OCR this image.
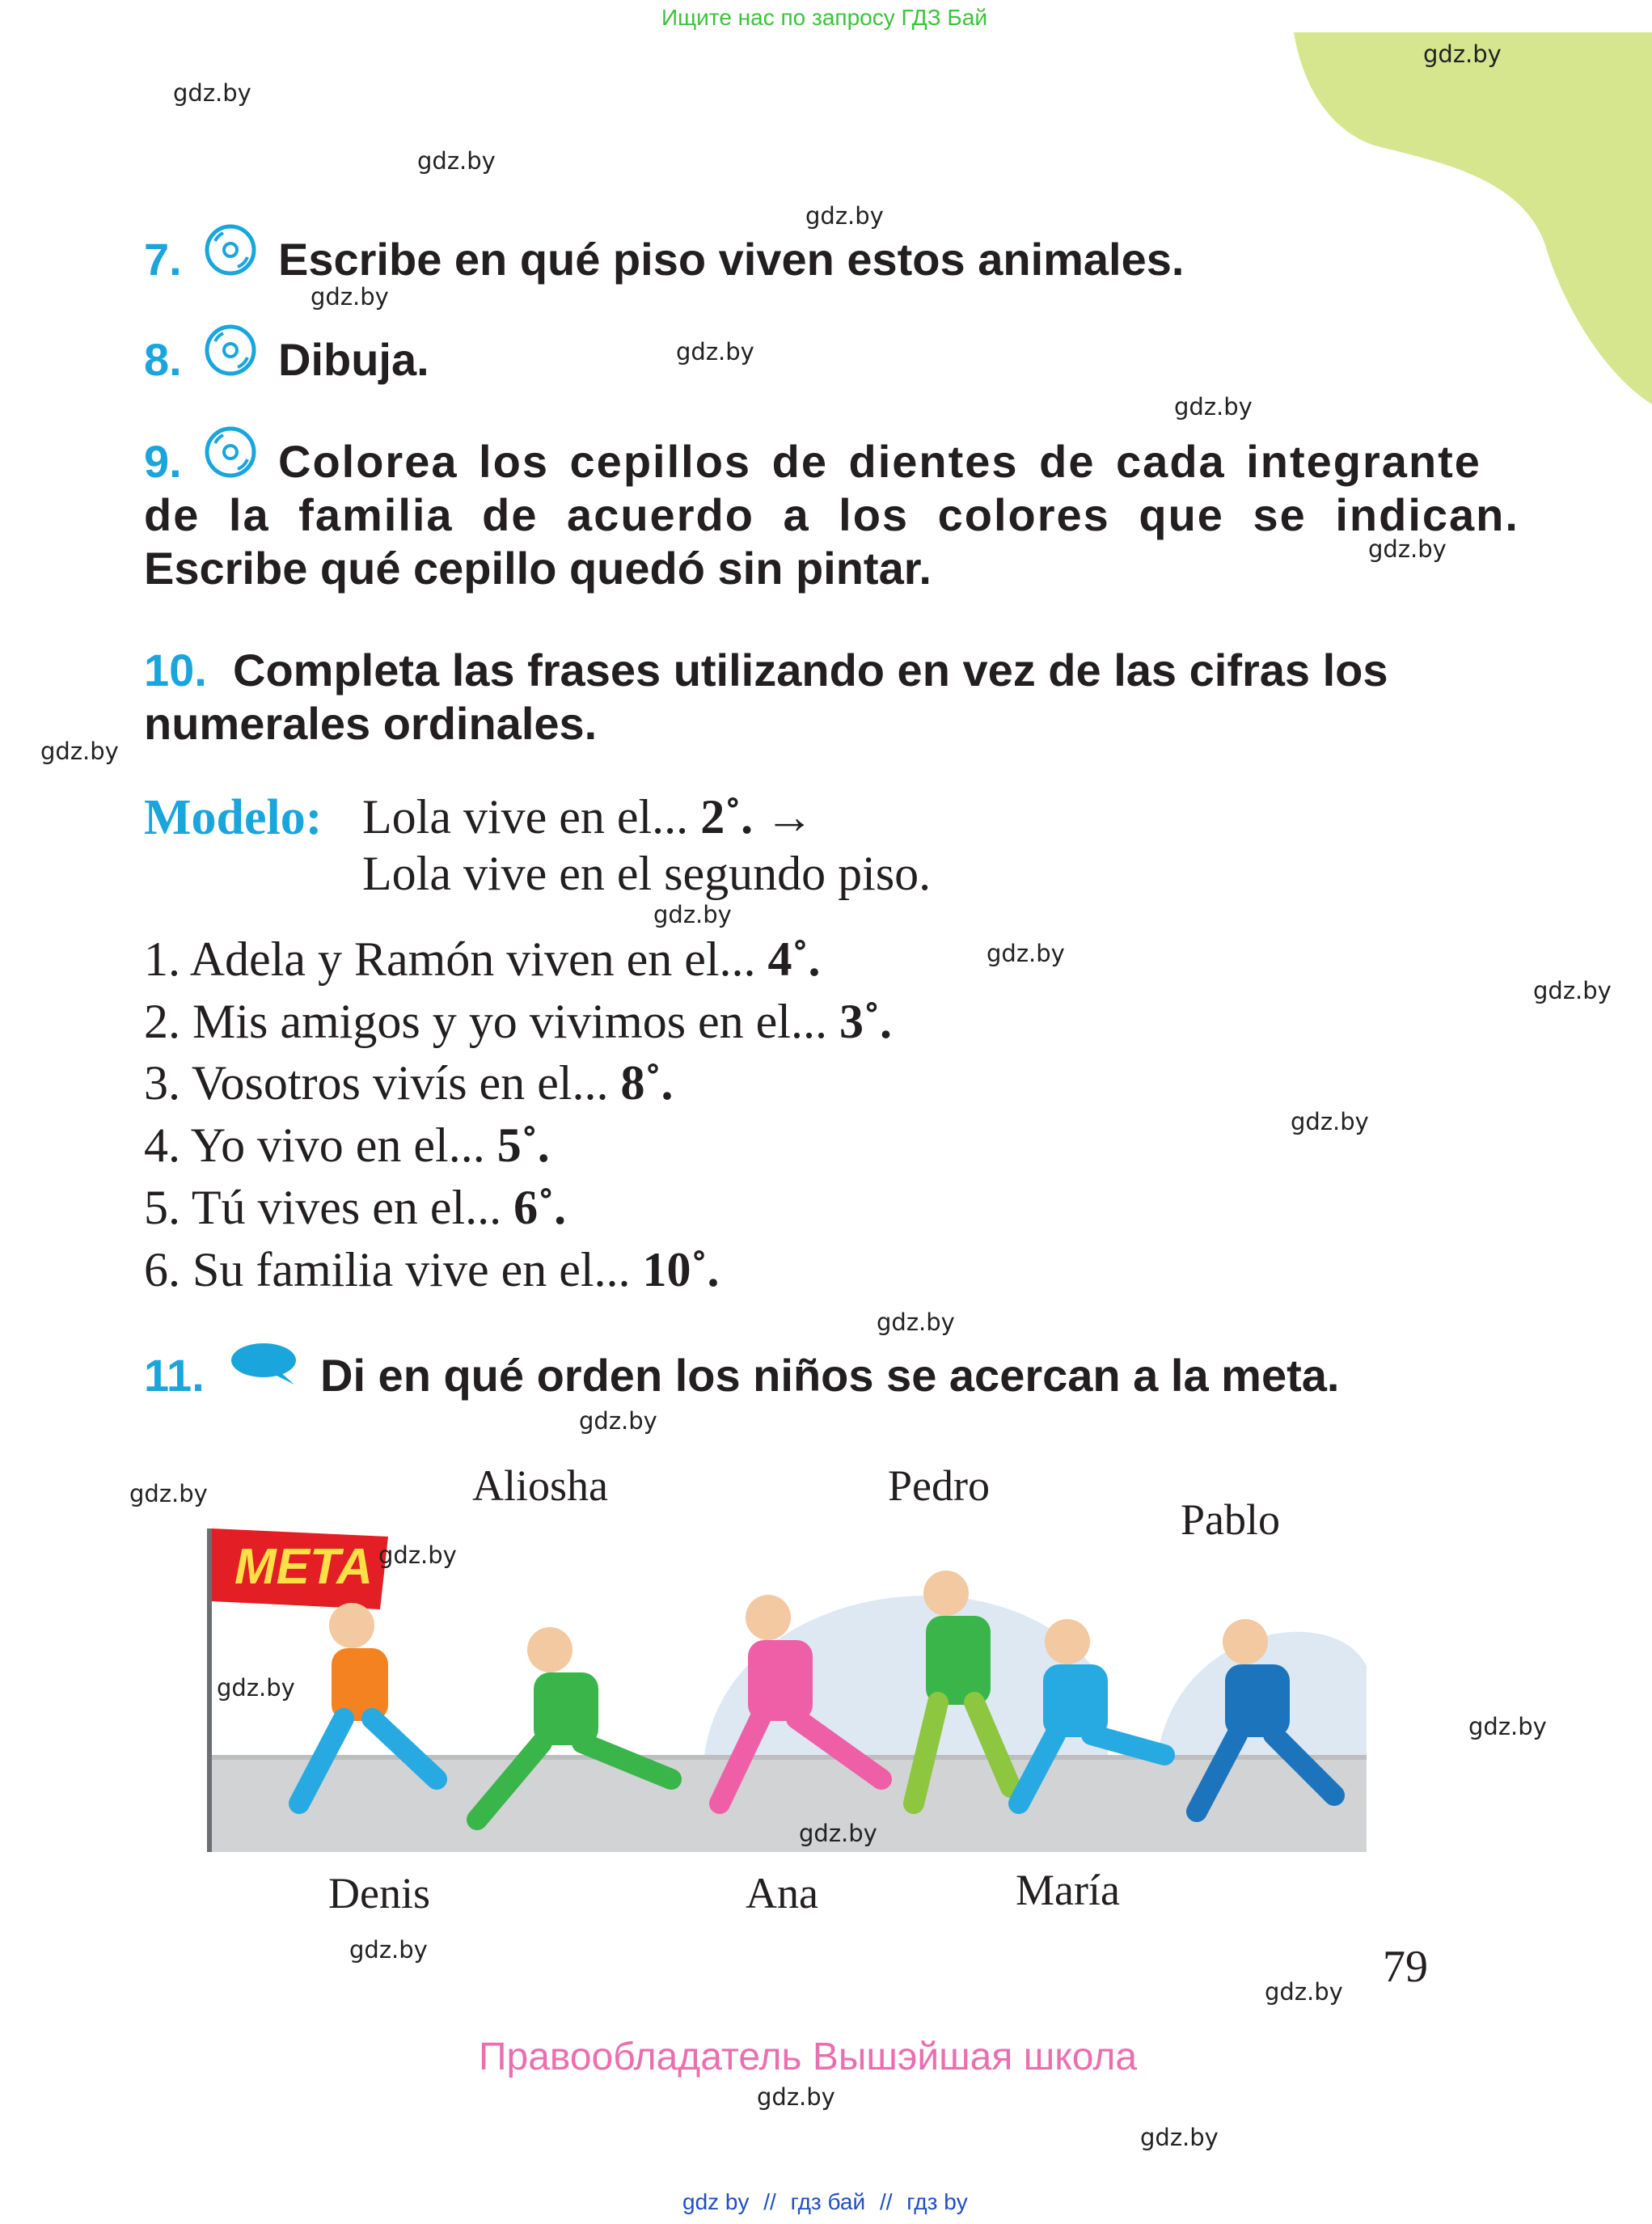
Ищите нас по запросу ГДЗ Бай
7. Escribe en qué piso viven estos animales.
8. Dibuja.
9. Colorea los cepillos de dientes de cada integrante
de la familia de acuerdo a los colores que se indican.
Escribe qué cepillo quedó sin pintar.
10. Completa las frases utilizando en vez de las cifras los
numerales ordinales.
Modelo: Lola vive en el... 2˚. →
Lola vive en el segundo piso.
1. Adela y Ramón viven en el... 4˚.
2. Mis amigos y yo vivimos en el... 3˚.
3. Vosotros vivís en el... 8˚.
4. Yo vivo en el... 5˚.
5. Tú vives en el... 6˚.
6. Su familia vive en el... 10˚.
11.	Di en qué orden los niños se acercan a la meta.
Aliosha	Pedro
Pablo
META
Denis	Ana	María
79
Правообладатель Вышэйшая школа
gdz by // гдз бай // гдз by
gdz.by
gdz.by
gdz.by
gdz.by
gdz.by
gdz.by
gdz.by
gdz.by
gdz.by
gdz.by
gdz.by
gdz.by
gdz.by
gdz.by
gdz.by
gdz.by
gdz.by
gdz.by
gdz.by
gdz.by
gdz.by
gdz.by
gdz.by
gdz.by
